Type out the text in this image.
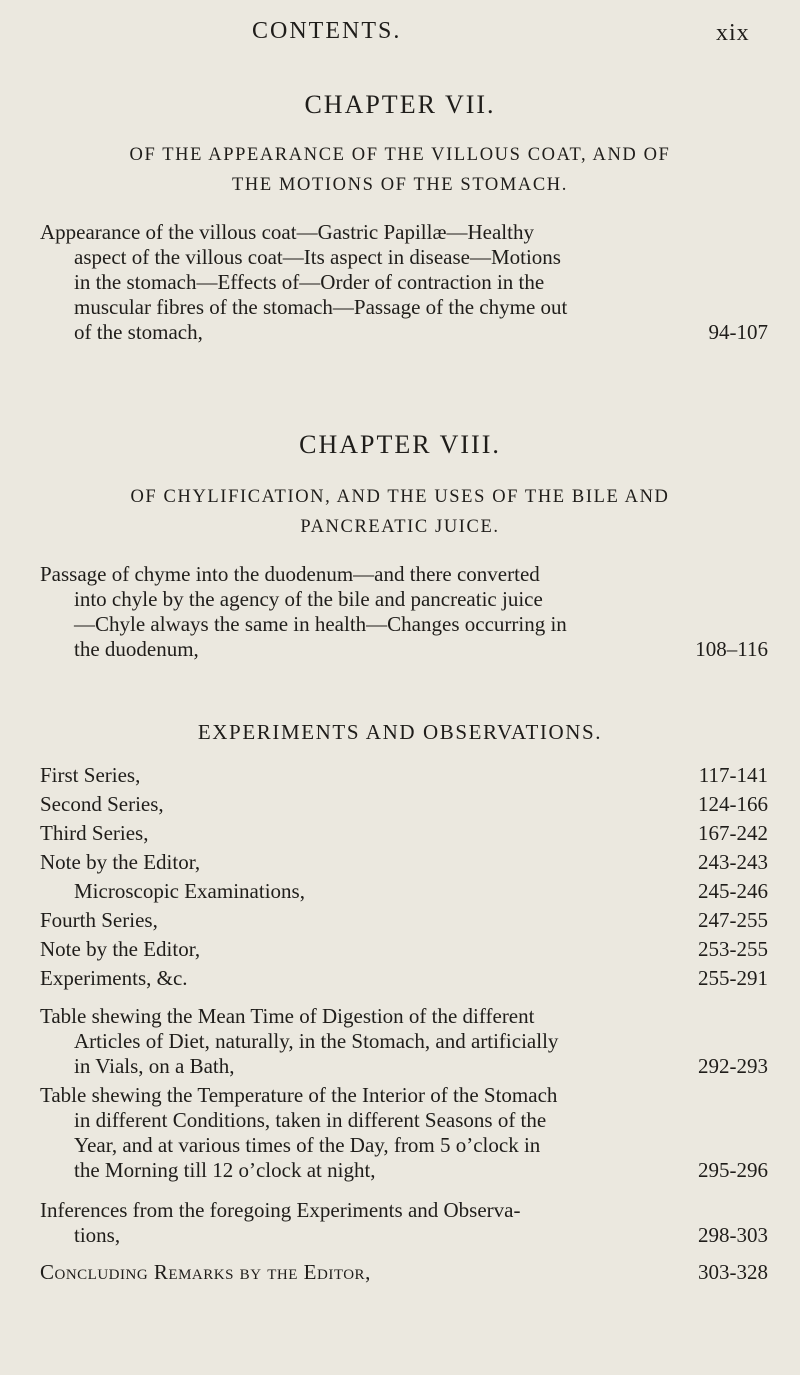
CONTENTS.	xix
CHAPTER VII.
OF THE APPEARANCE OF THE VILLOUS COAT, AND OF
THE MOTIONS OF THE STOMACH.
Appearance of the villous coat—Gastric Papillæ—Healthy
aspect of the villous coat—Its aspect in disease—Motions
in the stomach—Effects of—Order of contraction in the
muscular fibres of the stomach—Passage of the chyme out
of the stomach,	94-107
CHAPTER VIII.
OF CHYLIFICATION, AND THE USES OF THE BILE AND
PANCREATIC JUICE.
Passage of chyme into the duodenum—and there converted
into chyle by the agency of the bile and pancreatic juice
—Chyle always the same in health—Changes occurring in
the duodenum,	108–116
EXPERIMENTS AND OBSERVATIONS.
First Series,	117-141
Second Series,	124-166
Third Series,	167-242
Note by the Editor,	243-243
Microscopic Examinations,	245-246
Fourth Series,	247-255
Note by the Editor,	253-255
Experiments, &c.	255-291
Table shewing the Mean Time of Digestion of the different
Articles of Diet, naturally, in the Stomach, and artificially
in Vials, on a Bath,	292-293
Table shewing the Temperature of the Interior of the Stomach
in different Conditions, taken in different Seasons of the
Year, and at various times of the Day, from 5 o’clock in
the Morning till 12 o’clock at night,	295-296
Inferences from the foregoing Experiments and Observa-
tions,	298-303
Concluding Remarks by the Editor,	303-328
